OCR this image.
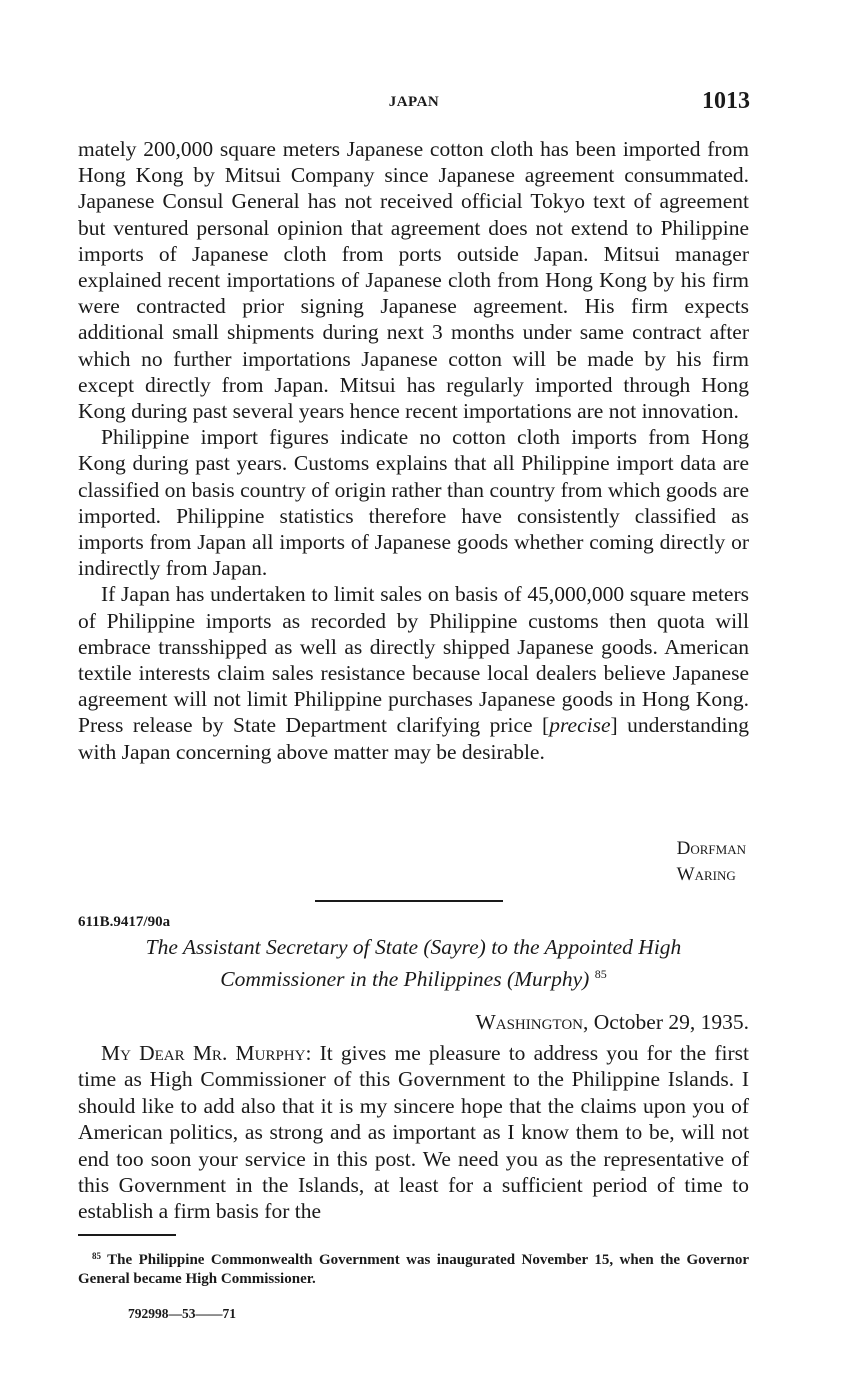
JAPAN	1013

mately 200,000 square meters Japanese cotton cloth has been imported from Hong Kong by Mitsui Company since Japanese agreement consummated. Japanese Consul General has not received official Tokyo text of agreement but ventured personal opinion that agreement does not extend to Philippine imports of Japanese cloth from ports outside Japan. Mitsui manager explained recent importations of Japanese cloth from Hong Kong by his firm were contracted prior signing Japanese agreement. His firm expects additional small shipments during next 3 months under same contract after which no further importations Japanese cotton will be made by his firm except directly from Japan. Mitsui has regularly imported through Hong Kong during past several years hence recent importations are not innovation.

Philippine import figures indicate no cotton cloth imports from Hong Kong during past years. Customs explains that all Philippine import data are classified on basis country of origin rather than country from which goods are imported. Philippine statistics therefore have consistently classified as imports from Japan all imports of Japanese goods whether coming directly or indirectly from Japan.

If Japan has undertaken to limit sales on basis of 45,000,000 square meters of Philippine imports as recorded by Philippine customs then quota will embrace transshipped as well as directly shipped Japanese goods. American textile interests claim sales resistance because local dealers believe Japanese agreement will not limit Philippine purchases Japanese goods in Hong Kong. Press release by State Department clarifying price [precise] understanding with Japan concerning above matter may be desirable.

Dorfman
Waring
611B.9417/90a
The Assistant Secretary of State (Sayre) to the Appointed High
Commissioner in the Philippines (Murphy) $^{85}$
Washington, October 29, 1935.

My Dear Mr. Murphy: It gives me pleasure to address you for the first time as High Commissioner of this Government to the Philippine Islands. I should like to add also that it is my sincere hope that the claims upon you of American politics, as strong and as important as I know them to be, will not end too soon your service in this post. We need you as the representative of this Government in the Islands, at least for a sufficient period of time to establish a firm basis for the

$^{85}$ The Philippine Commonwealth Government was inaugurated November 15, when the Governor General became High Commissioner.
792998—53——71
